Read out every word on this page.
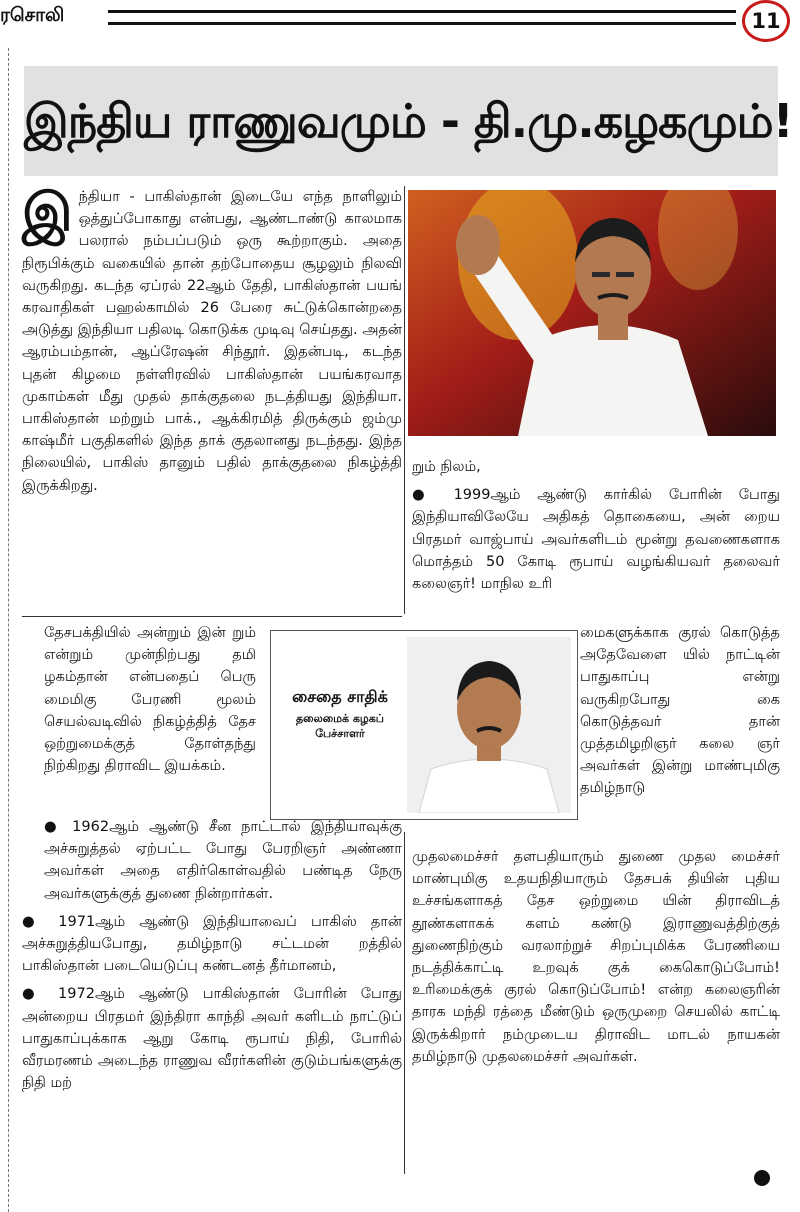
ரசொலி	11
இந்திய ராணுவமும் - தி.மு.கழகமும்!

இந்தியா - பாகிஸ்தான் இடையே எந்த நாளிலும் ஒத்துப்போகாது என்பது, ஆண்டாண்டு காலமாக பலரால் நம்பப்படும் ஒரு கூற்றாகும். அதை நிரூபிக்கும் வகையில் தான் தற்போதைய சூழலும் நிலவி வருகிறது. கடந்த ஏப்ரல் 22ஆம் தேதி, பாகிஸ்தான் பயங் கரவாதிகள் பஹல்காமில் 26 பேரை சுட்டுக்கொன்றதை அடுத்து இந்தியா பதிலடி கொடுக்க முடிவு செய்தது. அதன் ஆரம்பம்தான், ஆப்ரேஷன் சிந்தூர். இதன்படி, கடந்த புதன் கிழமை நள்ளிரவில் பாகிஸ்தான் பயங்கரவாத முகாம்கள் மீது முதல் தாக்குதலை நடத்தியது இந்தியா. பாகிஸ்தான் மற்றும் பாக்., ஆக்கிரமித் திருக்கும் ஜம்மு காஷ்மீர் பகுதிகளில் இந்த தாக் குதலானது நடந்தது. இந்த நிலையில், பாகிஸ் தானும் பதில் தாக்குதலை நிகழ்த்தி இருக்கிறது.

றும் நிலம்,

● 1999ஆம் ஆண்டு கார்கில் போரின் போது இந்தியாவிலேயே அதிகத் தொகையை, அன் றைய பிரதமர் வாஜ்பாய் அவர்களிடம் மூன்று தவணைகளாக மொத்தம் 50 கோடி ரூபாய் வழங்கியவர் தலைவர் கலைஞர்! மாநில உரி

தேசபக்தியில் அன்றும் இன் றும் என்றும் முன்நிற்பது தமி ழகம்தான் என்பதைப் பெரு மைமிகு பேரணி மூலம் செயல்வடிவில் நிகழ்த்தித் தேச ஒற்றுமைக்குத் தோள்தந்து நிற்கிறது திராவிட இயக்கம்.

சைதை சாதிக்
தலைமைக் கழகப் பேச்சாளர்

மைகளுக்காக குரல் கொடுத்த அதேவேளை யில் நாட்டின் பாதுகாப்பு என்று வருகிறபோது கை கொடுத்தவர் தான் முத்தமிழறிஞர் கலை ஞர் அவர்கள் இன்று மாண்புமிகு தமிழ்நாடு

● 1962ஆம் ஆண்டு சீன நாட்டால் இந்தியாவுக்கு அச்சுறுத்தல் ஏற்பட்ட போது பேரறிஞர் அண்ணா அவர்கள் அதை எதிர்கொள்வதில் பண்டித நேரு அவர்களுக்குத் துணை நின்றார்கள்.

● 1971ஆம் ஆண்டு இந்தியாவைப் பாகிஸ் தான் அச்சுறுத்தியபோது, தமிழ்நாடு சட்டமன் றத்தில் பாகிஸ்தான் படையெடுப்பு கண்டனத் தீர்மானம்,

● 1972ஆம் ஆண்டு பாகிஸ்தான் போரின் போது அன்றைய பிரதமர் இந்திரா காந்தி அவர் களிடம் நாட்டுப் பாதுகாப்புக்காக ஆறு கோடி ரூபாய் நிதி, போரில் வீரமரணம் அடைந்த ராணுவ வீரர்களின் குடும்பங்களுக்கு நிதி மற்

முதலமைச்சர் தளபதியாரும் துணை முதல மைச்சர் மாண்புமிகு உதயநிதியாரும் தேசபக் தியின் புதிய உச்சங்களாகத் தேச ஒற்றுமை யின் திராவிடத் தூண்களாகக் களம் கண்டு இராணுவத்திற்குத் துணைநிற்கும் வரலாற்றுச் சிறப்புமிக்க பேரணியை நடத்திக்காட்டி உறவுக் குக் கைகொடுப்போம்! உரிமைக்குக் குரல் கொடுப்போம்! என்ற கலைஞரின் தாரக மந்தி ரத்தை மீண்டும் ஒருமுறை செயலில் காட்டி இருக்கிறார் நம்முடைய திராவிட மாடல் நாயகன் தமிழ்நாடு முதலமைச்சர் அவர்கள்.
